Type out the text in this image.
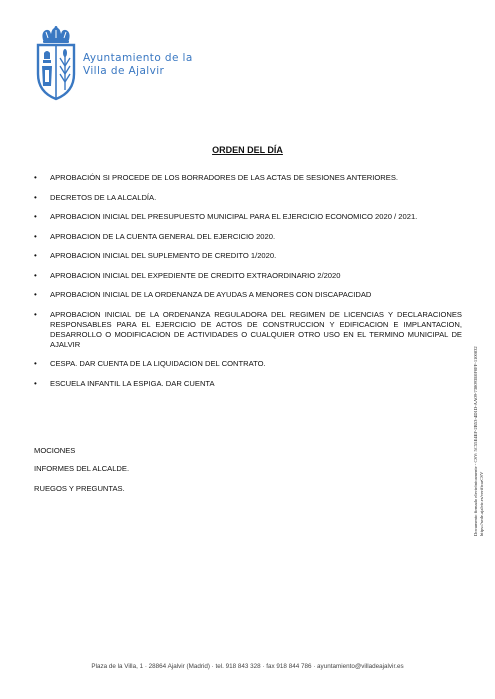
Ayuntamiento de la
Villa de Ajalvir
ORDEN DEL DÍA
• APROBACIÓN SI PROCEDE DE LOS BORRADORES DE LAS ACTAS DE SESIONES ANTERIORES.
• DECRETOS DE LA ALCALDÍA.
• APROBACION INICIAL DEL PRESUPUESTO MUNICIPAL PARA EL EJERCICIO ECONOMICO 2020 / 2021.
• APROBACION DE LA CUENTA GENERAL DEL EJERCICIO 2020.
• APROBACION INICIAL DEL SUPLEMENTO DE CREDITO 1/2020.
• APROBACION INICIAL DEL EXPEDIENTE DE CREDITO EXTRAORDINARIO 2/2020
• APROBACION INICIAL DE LA ORDENANZA DE AYUDAS A MENORES CON DISCAPACIDAD
• APROBACION INICIAL DE LA ORDENANZA REGULADORA DEL REGIMEN DE LICENCIAS Y DECLARACIONES RESPONSABLES PARA EL EJERCICIO DE ACTOS DE CONSTRUCCION Y EDIFICACION E IMPLANTACION, DESARROLLO O MODIFICACION DE ACTIVIDADES O CUALQUIER OTRO USO EN EL TERMINO MUNICIPAL DE AJALVIR
• CESPA. DAR CUENTA DE LA LIQUIDACION DEL CONTRATO.
• ESCUELA INFANTIL LA ESPIGA. DAR CUENTA
MOCIONES
INFORMES DEL ALCALDE.
RUEGOS Y PREGUNTAS.	Documento firmado electrónicamente - CSV: 5C55E4EF-2B53-4D1D-AA09-738093E0F0FF-1100832 https://sede.ajalvir.es/verificarCSV
Plaza de la Villa, 1 · 28864 Ajalvir (Madrid) · tel. 918 843 328 · fax 918 844 786 · ayuntamiento@villadeajalvir.es
